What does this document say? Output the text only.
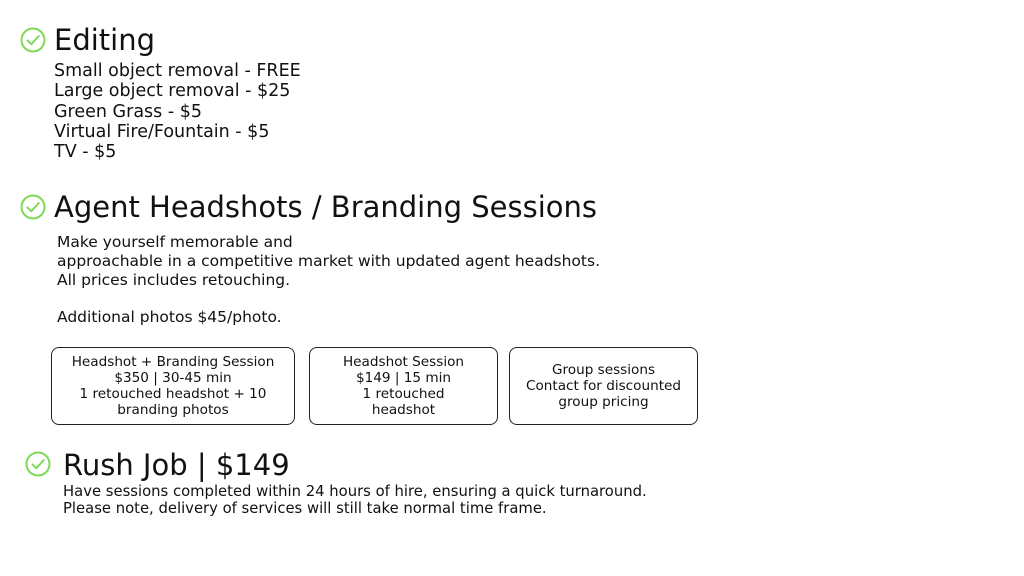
Editing
Small object removal - FREE
Large object removal - $25
Green Grass - $5
Virtual Fire/Fountain - $5
TV - $5
Agent Headshots / Branding Sessions
Make yourself memorable and
approachable in a competitive market with updated agent headshots.
All prices includes retouching.
Additional photos $45/photo.
Headshot + Branding Session
$350 | 30-45 min
1 retouched headshot + 10
branding photos
Headshot Session
$149 | 15 min
1 retouched
headshot
Group sessions
Contact for discounted
group pricing
Rush Job | $149
Have sessions completed within 24 hours of hire, ensuring a quick turnaround.
Please note, delivery of services will still take normal time frame.
